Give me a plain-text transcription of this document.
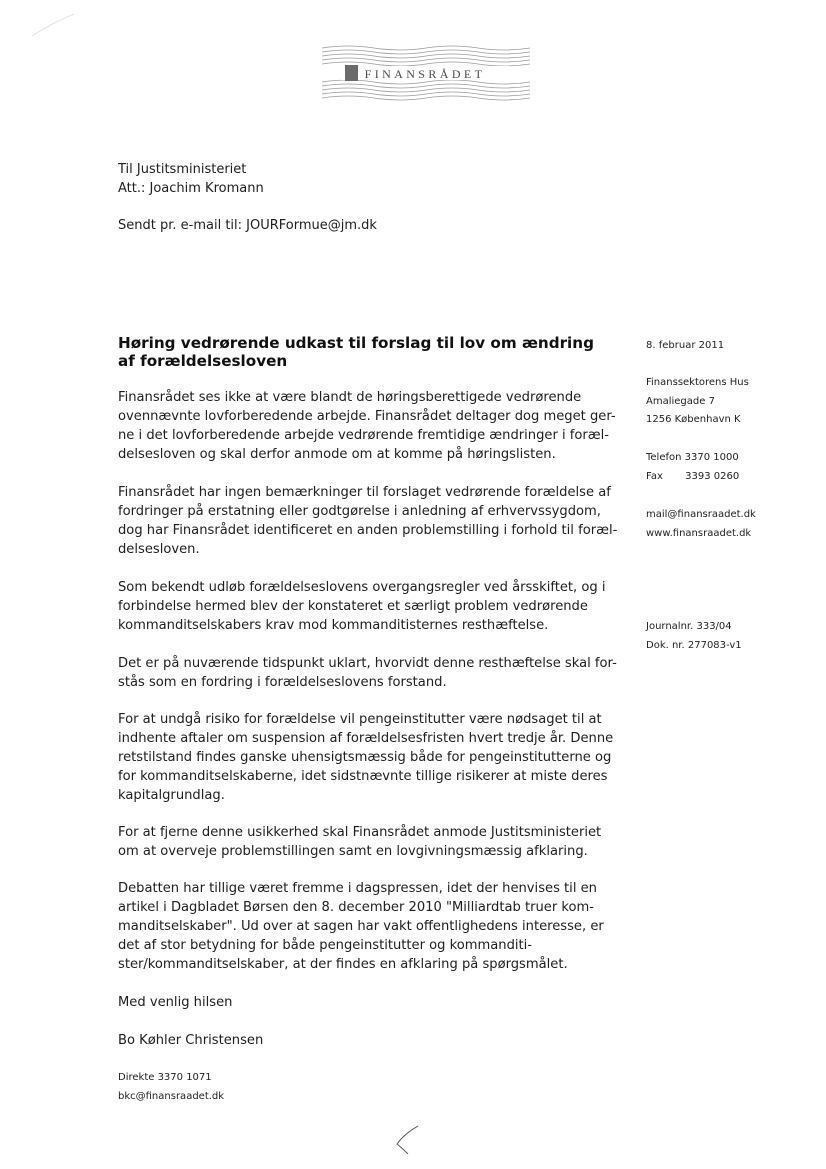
FINANSRÅDET
Til Justitsministeriet
Att.: Joachim Kromann
Sendt pr. e-mail til: JOURFormue@jm.dk
Høring vedrørende udkast til forslag til lov om ændring
af forældelsesloven
Finansrådet ses ikke at være blandt de høringsberettigede vedrørende
ovennævnte lovforberedende arbejde. Finansrådet deltager dog meget ger-
ne i det lovforberedende arbejde vedrørende fremtidige ændringer i foræl-
delsesloven og skal derfor anmode om at komme på høringslisten.
Finansrådet har ingen bemærkninger til forslaget vedrørende forældelse af
fordringer på erstatning eller godtgørelse i anledning af erhvervssygdom,
dog har Finansrådet identificeret en anden problemstilling i forhold til foræl-
delsesloven.
Som bekendt udløb forældelseslovens overgangsregler ved årsskiftet, og i
forbindelse hermed blev der konstateret et særligt problem vedrørende
kommanditselskabers krav mod kommanditisternes resthæftelse.
Det er på nuværende tidspunkt uklart, hvorvidt denne resthæftelse skal for-
stås som en fordring i forældelseslovens forstand.
For at undgå risiko for forældelse vil pengeinstitutter være nødsaget til at
indhente aftaler om suspension af forældelsesfristen hvert tredje år. Denne
retstilstand findes ganske uhensigtsmæssig både for pengeinstitutterne og
for kommanditselskaberne, idet sidstnævnte tillige risikerer at miste deres
kapitalgrundlag.
For at fjerne denne usikkerhed skal Finansrådet anmode Justitsministeriet
om at overveje problemstillingen samt en lovgivningsmæssig afklaring.
Debatten har tillige været fremme i dagspressen, idet der henvises til en
artikel i Dagbladet Børsen den 8. december 2010 "Milliardtab truer kom-
manditselskaber". Ud over at sagen har vakt offentlighedens interesse, er
det af stor betydning for både pengeinstitutter og kommanditi-
ster/kommanditselskaber, at der findes en afklaring på spørgsmålet.
Med venlig hilsen
Bo Køhler Christensen
Direkte 3370 1071
bkc@finansraadet.dk
8. februar 2011
Finanssektorens Hus
Amaliegade 7
1256 København K
Telefon 3370 1000
Fax       3393 0260
mail@finansraadet.dk
www.finansraadet.dk
Journalnr. 333/04
Dok. nr. 277083-v1
